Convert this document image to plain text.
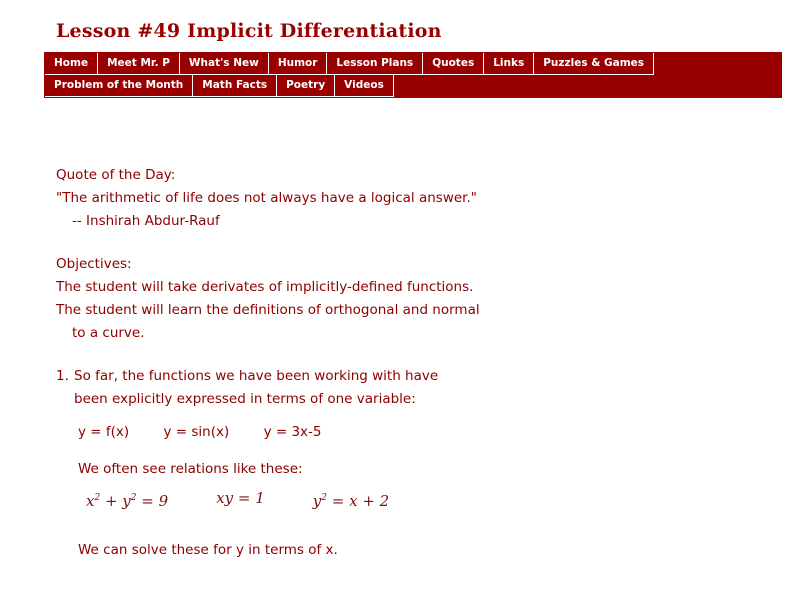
Lesson #49 Implicit Differentiation
Home	Meet Mr. P	What's New	Humor	Lesson Plans	Quotes	Links	Puzzles & Games
Problem of the Month	Math Facts	Poetry	Videos
Quote of the Day:
"The arithmetic of life does not always have a logical answer."
-- Inshirah Abdur-Rauf
Objectives:
The student will take derivates of implicitly-defined functions.
The student will learn the definitions of orthogonal and normal
to a curve.
1. So far, the functions we have been working with have
been explicitly expressed in terms of one variable:
y = f(x)        y = sin(x)        y = 3x-5
We often see relations like these:
$x^2 + y^2 = 9$	xy = 1	$y^2 = x + 2$
We can solve these for y in terms of x.
